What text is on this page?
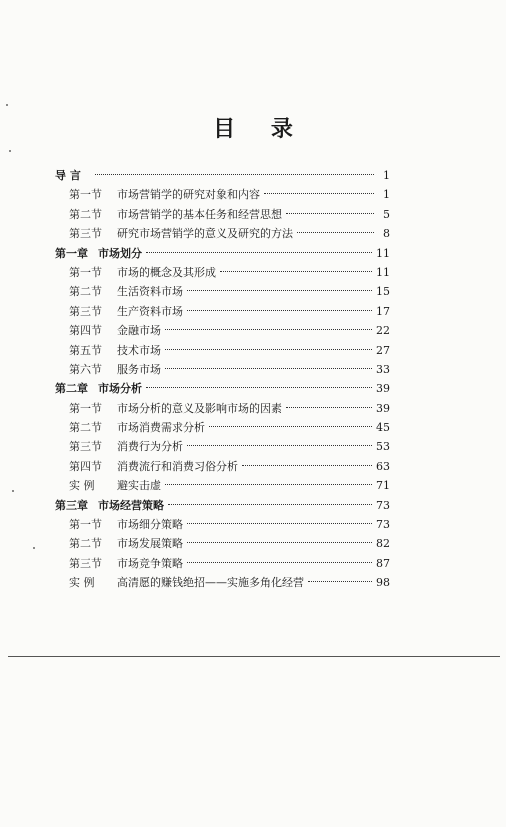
目 录
导 言	1
第一节	市场营销学的研究对象和内容	1
第二节	市场营销学的基本任务和经营思想	5
第三节	研究市场营销学的意义及研究的方法	8
第一章 市场划分	11
第一节	市场的概念及其形成	11
第二节	生活资料市场	15
第三节	生产资料市场	17
第四节	金融市场	22
第五节	技术市场	27
第六节	服务市场	33
第二章 市场分析	39
第一节	市场分析的意义及影响市场的因素	39
第二节	市场消费需求分析	45
第三节	消费行为分析	53
第四节	消费流行和消费习俗分析	63
实 例	避实击虚	71
第三章 市场经营策略	73
第一节	市场细分策略	73
第二节	市场发展策略	82
第三节	市场竞争策略	87
实 例	高清愿的赚钱绝招——实施多角化经营	98
